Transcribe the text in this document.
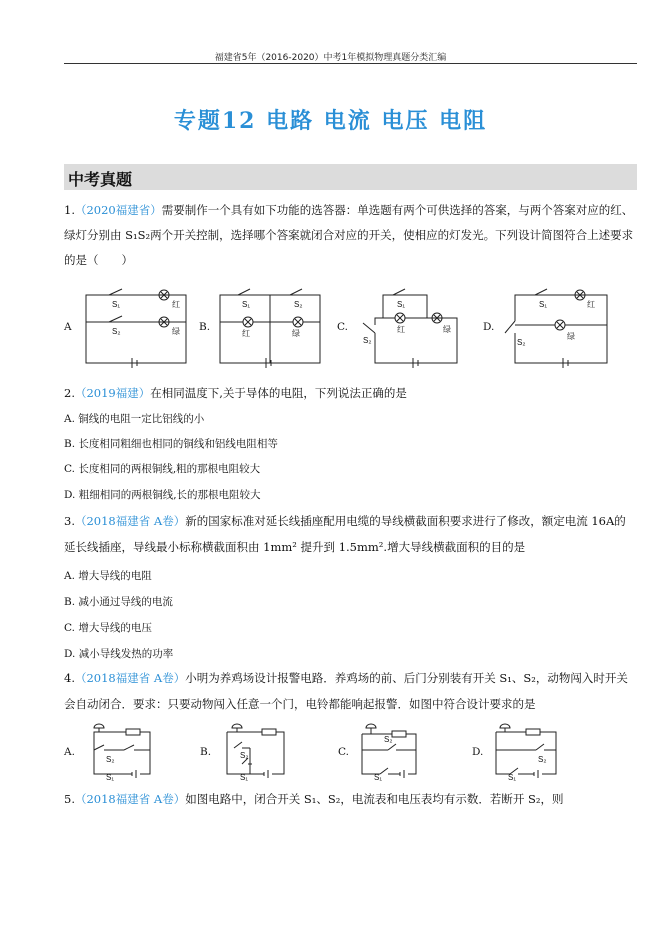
福建省5年（2016-2020）中考1年模拟物理真题分类汇编
专题12 电路 电流 电压 电阻
中考真题
1.（2020福建省）需要制作一个具有如下功能的选答器：单选题有两个可供选择的答案，与两个答案对应的红、
绿灯分别由 S₁S₂两个开关控制，选择哪个答案就闭合对应的开关，使相应的灯发光。下列设计简图符合上述要求
的是（　　）
A	B.	C.	D.
S₁
S₂
红
绿
S₁	S₂
红	绿
S₁
S₂
红	绿
S₁
S₂
红
绿
2.（2019福建）在相同温度下,关于导体的电阻，下列说法正确的是
A. 铜线的电阻一定比铝线的小
B. 长度相同粗细也相同的铜线和铝线电阻相等
C. 长度相同的两根铜线,粗的那根电阻较大
D. 粗细相同的两根铜线,长的那根电阻较大
3.（2018福建省 A卷）新的国家标准对延长线插座配用电缆的导线横截面积要求进行了修改，额定电流 16A的
延长线插座，导线最小标称横截面积由 1mm² 提升到 1.5mm².增大导线横截面积的目的是
A. 增大导线的电阻
B. 减小通过导线的电流
C. 增大导线的电压
D. 减小导线发热的功率
4.（2018福建省 A卷）小明为养鸡场设计报警电路．养鸡场的前、后门分别装有开关 S₁、S₂，动物闯入时开关
会自动闭合．要求：只要动物闯入任意一个门，电铃都能响起报警．如图中符合设计要求的是
A.	B.	C.	D.
S₂
S₁
S₂
S₁
S₂
S₁
S₂
S₁
5.（2018福建省 A卷）如图电路中，闭合开关 S₁、S₂，电流表和电压表均有示数．若断开 S₂，则
